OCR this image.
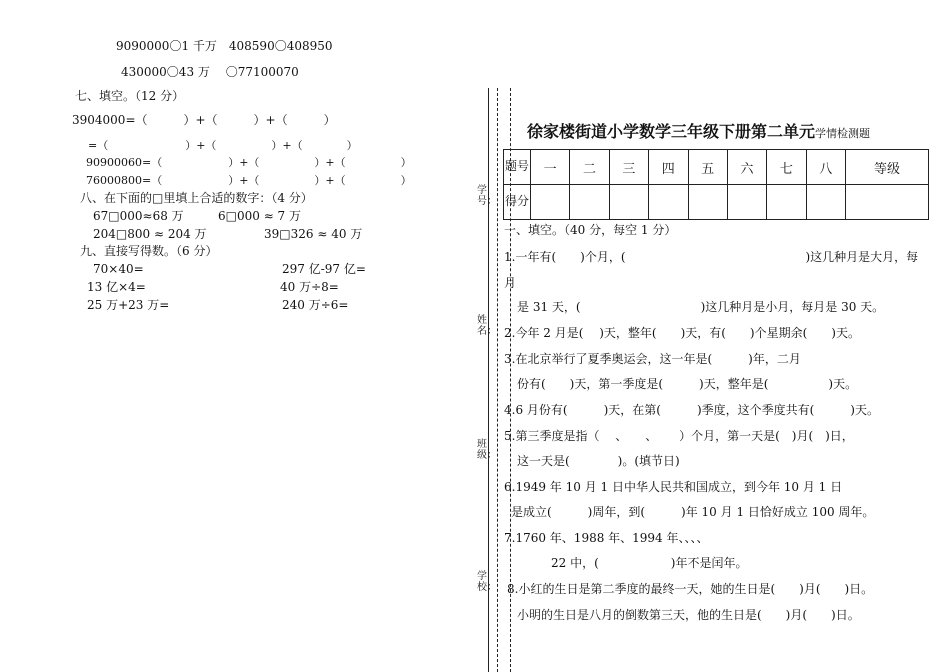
9090000〇1 千万　408590〇408950
430000〇43 万　 〇77100070
七、填空。（12 分）
3904000=（　　　）+（　　　）+（　　　）
=（　　　　　　　）+（　　　　　）+（　　　　）
90900060=（　　　　　　）+（　　　　　）+（　　　　　）
76000800=（　　　　　　）+（　　　　　）+（　　　　　）
八、在下面的□里填上合适的数字：（4 分）
67□000≈68 万	6□000 ≈ 7 万
204□800 ≈ 204 万	39□326 ≈ 40 万
九、直接写得数。（6 分）
70×40=	297 亿-97 亿=
13 亿×4=	40 万÷8=
25 万+23 万=	240 万÷6=
学号：
姓名：
班级：
学校：
徐家楼街道小学数学三年级下册第二单元学情检测题
题号	一	二	三	四	五	六	七	八	等级
得分									
一、填空。（40 分，每空 1 分）
1.一年有(　　)个月，(　　　　　　　　　　　　　　　)这几种月是大月，每
月
是 31 天，(　　　　　　　　　　)这几种月是小月，每月是 30 天。
2.今年 2 月是(　 )天，整年(　　)天，有(　　)个星期余(　　)天。
3.在北京举行了夏季奥运会，这一年是(　　　)年，二月
份有(　　)天，第一季度是(　　　)天，整年是(　　　　　)天。
4.6 月份有(　　　)天，在第(　　　)季度，这个季度共有(　　　)天。
5.第三季度是指（　 、　　、　　 ）个月，第一天是(　)月(　)日，
这一天是(　　　　)。(填节日)
6.1949 年 10 月 1 日中华人民共和国成立，到今年 10 月 1 日
是成立(　　　)周年，到(　　　)年 10 月 1 日恰好成立 100 周年。
7.1760 年、1988 年、1994 年、、、、
22 中，(　　　　　　)年不是闰年。
8.小红的生日是第二季度的最终一天，她的生日是(　　)月(　　)日。
小明的生日是八月的倒数第三天，他的生日是(　　)月(　　)日。
